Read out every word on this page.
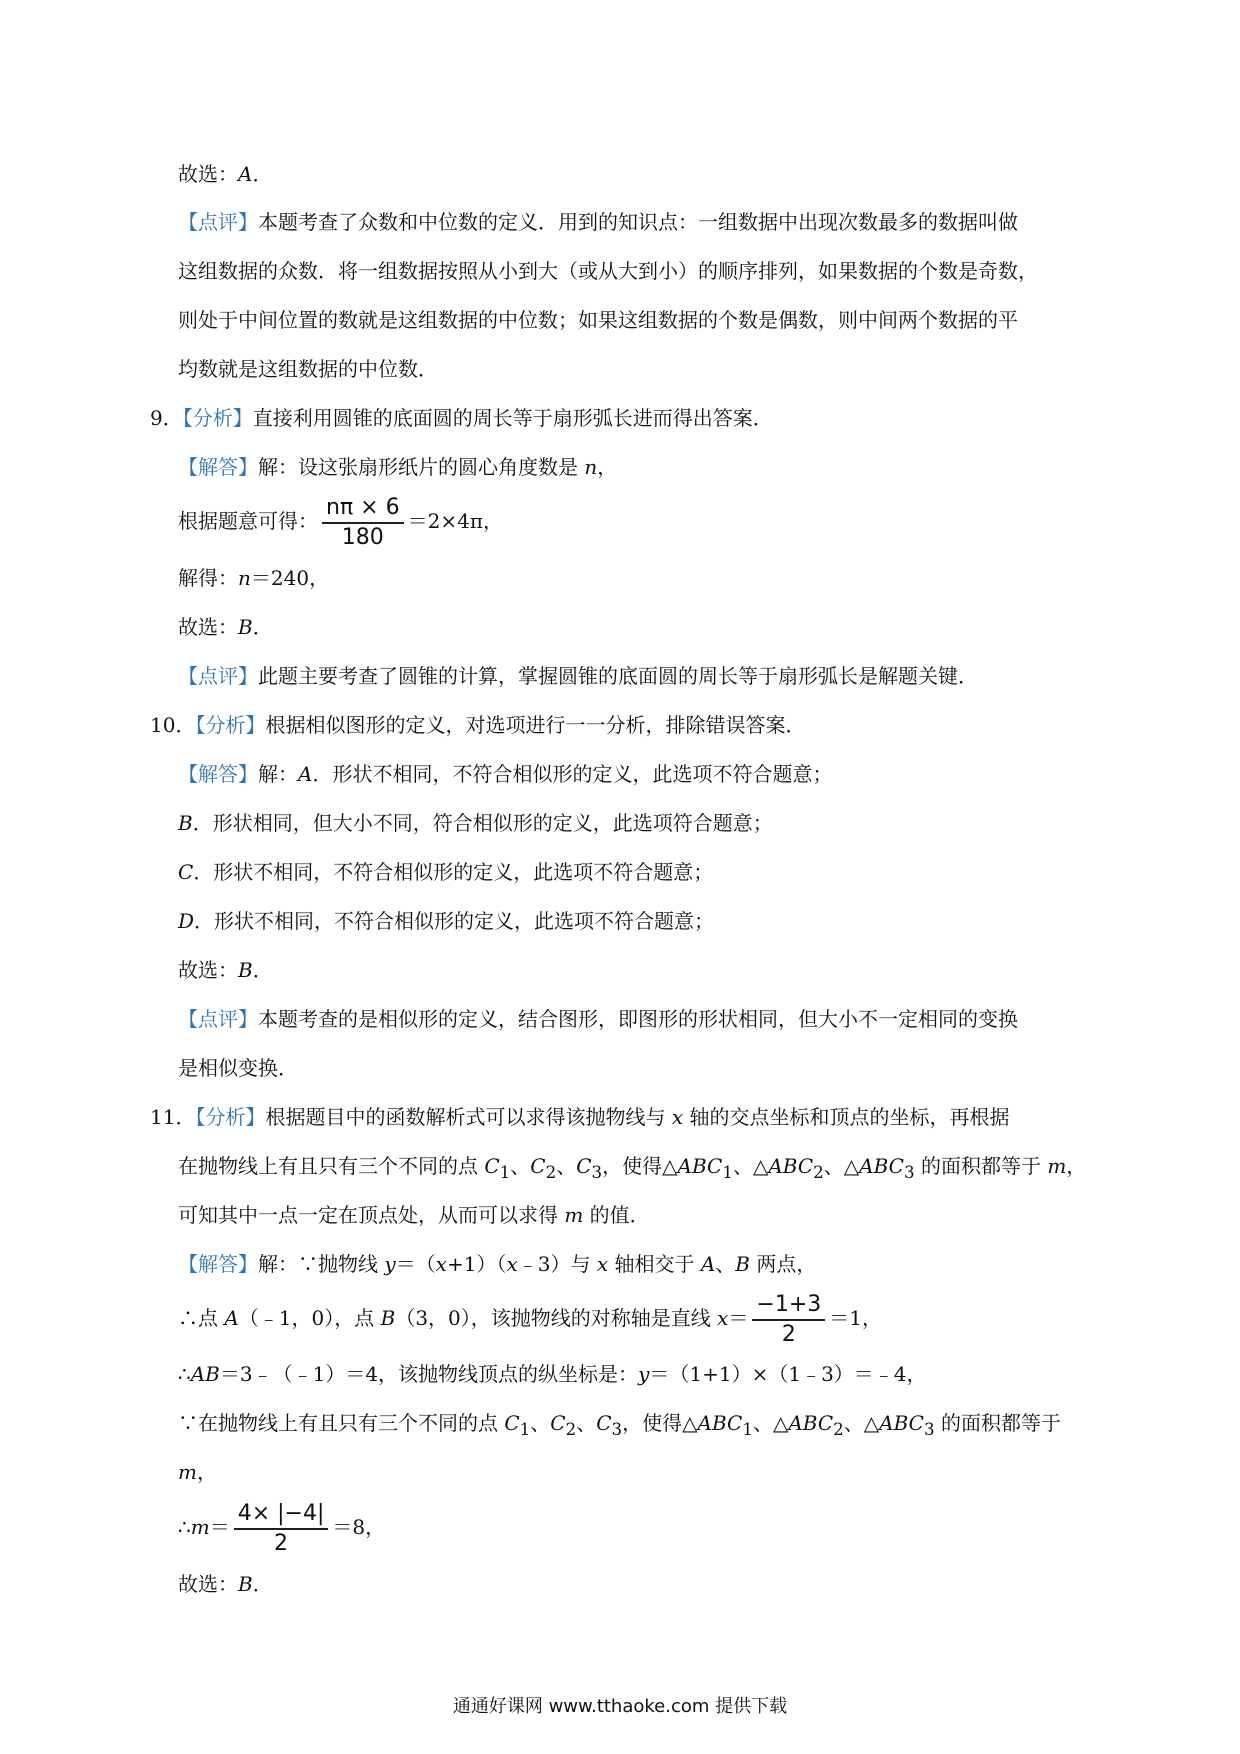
故选：A．
【点评】本题考查了众数和中位数的定义．用到的知识点：一组数据中出现次数最多的数据叫做
这组数据的众数．将一组数据按照从小到大（或从大到小）的顺序排列，如果数据的个数是奇数，
则处于中间位置的数就是这组数据的中位数；如果这组数据的个数是偶数，则中间两个数据的平
均数就是这组数据的中位数．
9．【分析】直接利用圆锥的底面圆的周长等于扇形弧长进而得出答案．
【解答】解：设这张扇形纸片的圆心角度数是 n，
根据题意可得： $\frac{n\pi \times 6}{180} =2\times 4\pi$，
解得：n＝240，
故选：B．
【点评】此题主要考查了圆锥的计算，掌握圆锥的底面圆的周长等于扇形弧长是解题关键．
10．【分析】根据相似图形的定义，对选项进行一一分析，排除错误答案．
【解答】解：A．形状不相同，不符合相似形的定义，此选项不符合题意；
B．形状相同，但大小不同，符合相似形的定义，此选项符合题意；
C．形状不相同，不符合相似形的定义，此选项不符合题意；
D．形状不相同，不符合相似形的定义，此选项不符合题意；
故选：B．
【点评】本题考查的是相似形的定义，结合图形，即图形的形状相同，但大小不一定相同的变换
是相似变换．
11．【分析】根据题目中的函数解析式可以求得该抛物线与 x 轴的交点坐标和顶点的坐标，再根据
在抛物线上有且只有三个不同的点 $C_1$、$C_2$、$C_3$，使得$\triangle ABC_1$、$\triangle ABC_2$、$\triangle ABC_3$ 的面积都等于 m，
可知其中一点一定在顶点处，从而可以求得 m 的值．
【解答】解：∵抛物线 y＝（x+1）（x﹣3）与 x 轴相交于 A、B 两点，
∴点 A（﹣1，0），点 B（3，0），该抛物线的对称轴是直线 $x= \frac{-1+3}{2} =1$，
∴AB＝3﹣（﹣1）＝4，该抛物线顶点的纵坐标是：y＝（1+1）×（1﹣3）＝﹣4，
∵在抛物线上有且只有三个不同的点 $C_1$、$C_2$、$C_3$，使得$\triangle ABC_1$、$\triangle ABC_2$、$\triangle ABC_3$ 的面积都等于
m，
∴m＝ $\frac{4\times |-4|}{2} =8$，
故选：B．
通通好课网 www.tthaoke.com 提供下载
